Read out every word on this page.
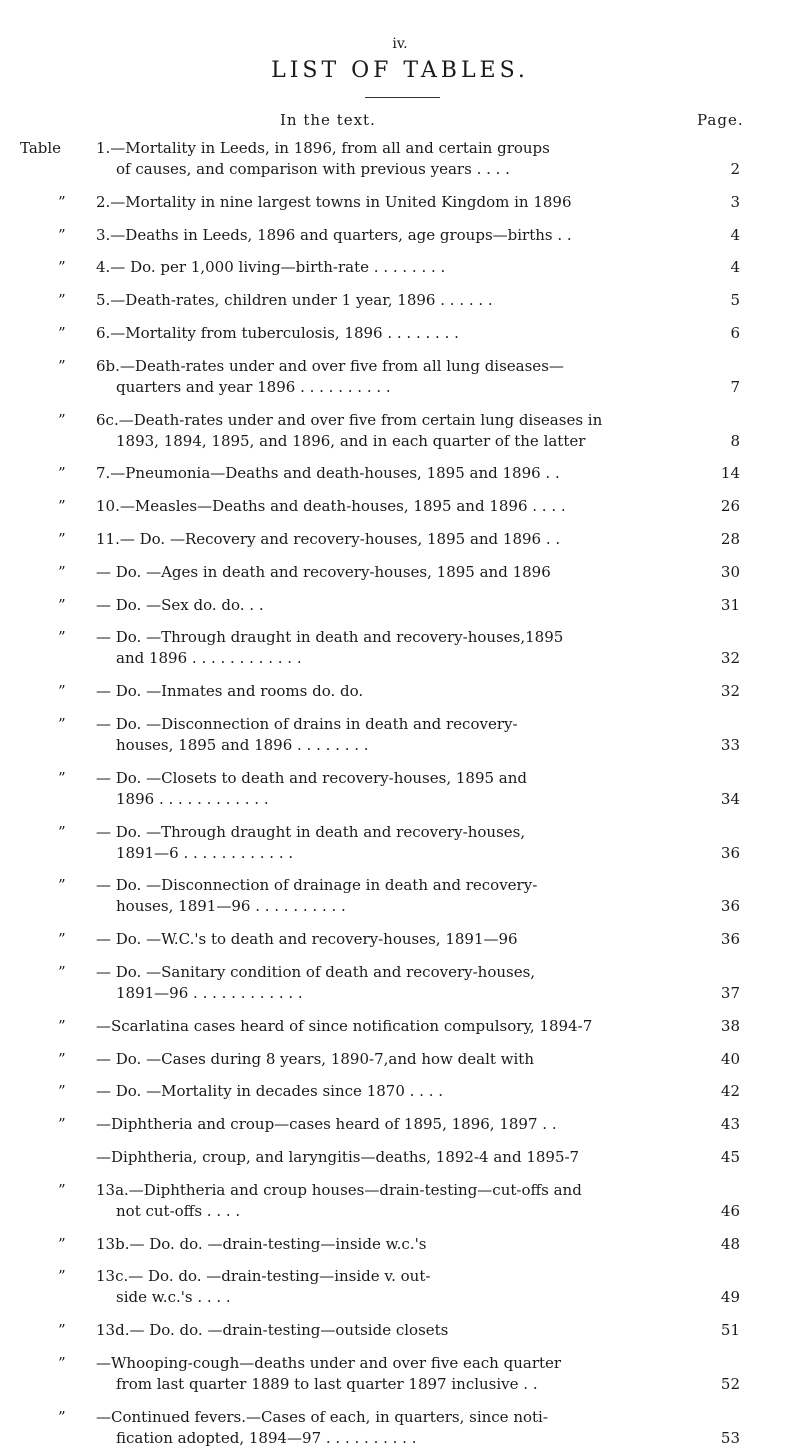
iv.
LIST OF TABLES.
In the text.	Page.
Table	1.—Mortality in Leeds, in 1896, from all and certain groups
of causes, and comparison with previous years . . . .	2
”	2.—Mortality in nine largest towns in United Kingdom in 1896	3
”	3.—Deaths in Leeds, 1896 and quarters, age groups—births . .	4
”	4.— Do. per 1,000 living—birth-rate . . . . . . . .	4
”	5.—Death-rates, children under 1 year, 1896 . . . . . .	5
”	6.—Mortality from tuberculosis, 1896 . . . . . . . .	6
”	6b.—Death-rates under and over five from all lung diseases—
quarters and year 1896 . . . . . . . . . .	7
”	6c.—Death-rates under and over five from certain lung diseases in
1893, 1894, 1895, and 1896, and in each quarter of the latter	8
”	7.—Pneumonia—Deaths and death-houses, 1895 and 1896 . .	14
”	10.—Measles—Deaths and death-houses, 1895 and 1896 . . . .	26
”	11.— Do. —Recovery and recovery-houses, 1895 and 1896 . .	28
”	— Do. —Ages in death and recovery-houses, 1895 and 1896	30
”	— Do. —Sex do. do. . .	31
”	— Do. —Through draught in death and recovery-houses,1895
and 1896 . . . . . . . . . . . .	32
”	— Do. —Inmates and rooms do. do.	32
”	— Do. —Disconnection of drains in death and recovery-
houses, 1895 and 1896 . . . . . . . .	33
”	— Do. —Closets to death and recovery-houses, 1895 and
1896 . . . . . . . . . . . .	34
”	— Do. —Through draught in death and recovery-houses,
1891—6 . . . . . . . . . . . .	36
”	— Do. —Disconnection of drainage in death and recovery-
houses, 1891—96 . . . . . . . . . .	36
”	— Do. —W.C.'s to death and recovery-houses, 1891—96	36
”	— Do. —Sanitary condition of death and recovery-houses,
1891—96 . . . . . . . . . . . .	37
”	—Scarlatina cases heard of since notification compulsory, 1894-7	38
”	— Do. —Cases during 8 years, 1890-7,and how dealt with	40
”	— Do. —Mortality in decades since 1870 . . . .	42
”	—Diphtheria and croup—cases heard of 1895, 1896, 1897 . .	43
—Diphtheria, croup, and laryngitis—deaths, 1892-4 and 1895-7	45
”	13a.—Diphtheria and croup houses—drain-testing—cut-offs and
not cut-offs . . . .	46
”	13b.— Do. do. —drain-testing—inside w.c.'s	48
”	13c.— Do. do. —drain-testing—inside v. out-
side w.c.'s . . . .	49
”	13d.— Do. do. —drain-testing—outside closets	51
”	—Whooping-cough—deaths under and over five each quarter
from last quarter 1889 to last quarter 1897 inclusive . .	52
”	—Continued fevers.—Cases of each, in quarters, since noti-
fication adopted, 1894—97 . . . . . . . . . .	53
